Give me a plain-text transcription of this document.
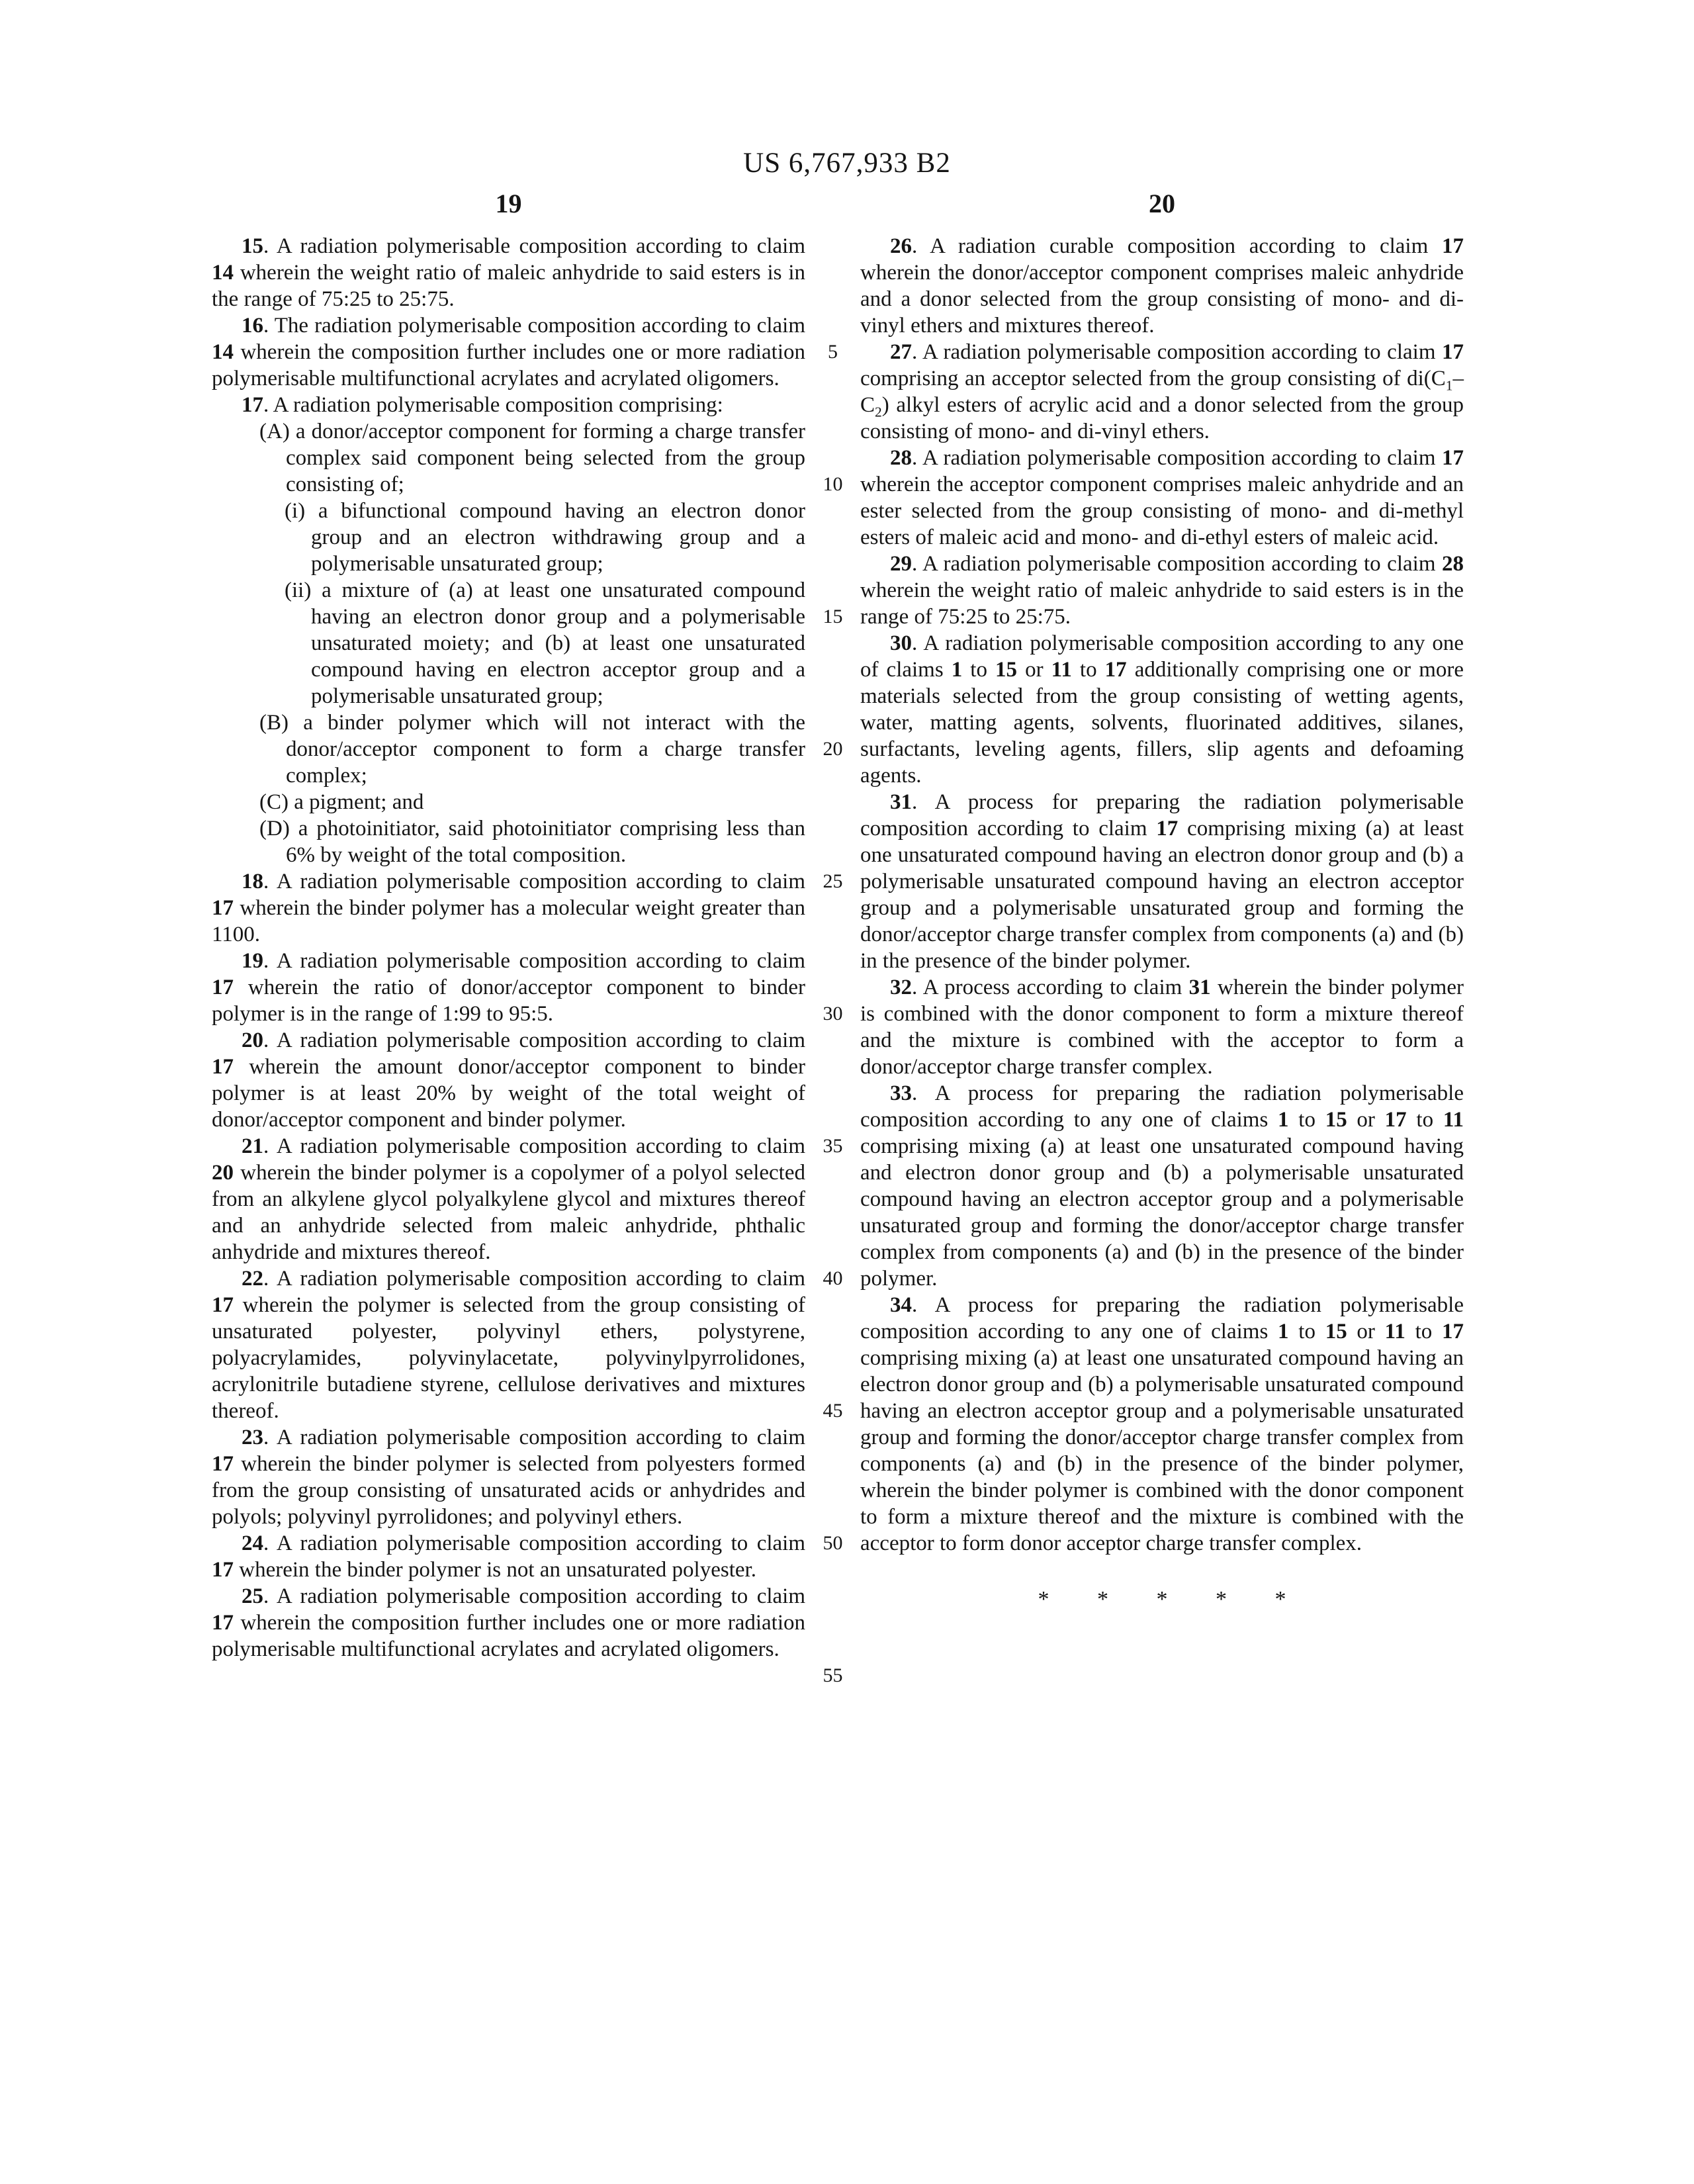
US 6,767,933 B2
19	20
5
10
15
20
25
30
35
40
45
50
55
15. A radiation polymerisable composition according to claim 14 wherein the weight ratio of maleic anhydride to said esters is in the range of 75:25 to 25:75.
16. The radiation polymerisable composition according to claim 14 wherein the composition further includes one or more radiation polymerisable multifunctional acrylates and acrylated oligomers.
17. A radiation polymerisable composition comprising:
(A) a donor/acceptor component for forming a charge transfer complex said component being selected from the group consisting of;
(i) a bifunctional compound having an electron donor group and an electron withdrawing group and a polymerisable unsaturated group;
(ii) a mixture of (a) at least one unsaturated compound having an electron donor group and a polymerisable unsaturated moiety; and (b) at least one unsaturated compound having en electron acceptor group and a polymerisable unsaturated group;
(B) a binder polymer which will not interact with the donor/acceptor component to form a charge transfer complex;
(C) a pigment; and
(D) a photoinitiator, said photoinitiator comprising less than 6% by weight of the total composition.
18. A radiation polymerisable composition according to claim 17 wherein the binder polymer has a molecular weight greater than 1100.
19. A radiation polymerisable composition according to claim 17 wherein the ratio of donor/acceptor component to binder polymer is in the range of 1:99 to 95:5.
20. A radiation polymerisable composition according to claim 17 wherein the amount donor/acceptor component to binder polymer is at least 20% by weight of the total weight of donor/acceptor component and binder polymer.
21. A radiation polymerisable composition according to claim 20 wherein the binder polymer is a copolymer of a polyol selected from an alkylene glycol polyalkylene glycol and mixtures thereof and an anhydride selected from maleic anhydride, phthalic anhydride and mixtures thereof.
22. A radiation polymerisable composition according to claim 17 wherein the polymer is selected from the group consisting of unsaturated polyester, polyvinyl ethers, polystyrene, polyacrylamides, polyvinylacetate, polyvinylpyrrolidones, acrylonitrile butadiene styrene, cellulose derivatives and mixtures thereof.
23. A radiation polymerisable composition according to claim 17 wherein the binder polymer is selected from polyesters formed from the group consisting of unsaturated acids or anhydrides and polyols; polyvinyl pyrrolidones; and polyvinyl ethers.
24. A radiation polymerisable composition according to claim 17 wherein the binder polymer is not an unsaturated polyester.
25. A radiation polymerisable composition according to claim 17 wherein the composition further includes one or more radiation polymerisable multifunctional acrylates and acrylated oligomers.
26. A radiation curable composition according to claim 17 wherein the donor/acceptor component comprises maleic anhydride and a donor selected from the group consisting of mono- and di-vinyl ethers and mixtures thereof.
27. A radiation polymerisable composition according to claim 17 comprising an acceptor selected from the group consisting of $di(C_1-C_2)$ alkyl esters of acrylic acid and a donor selected from the group consisting of mono- and di-vinyl ethers.
28. A radiation polymerisable composition according to claim 17 wherein the acceptor component comprises maleic anhydride and an ester selected from the group consisting of mono- and di-methyl esters of maleic acid and mono- and di-ethyl esters of maleic acid.
29. A radiation polymerisable composition according to claim 28 wherein the weight ratio of maleic anhydride to said esters is in the range of 75:25 to 25:75.
30. A radiation polymerisable composition according to any one of claims 1 to 15 or 11 to 17 additionally comprising one or more materials selected from the group consisting of wetting agents, water, matting agents, solvents, fluorinated additives, silanes, surfactants, leveling agents, fillers, slip agents and defoaming agents.
31. A process for preparing the radiation polymerisable composition according to claim 17 comprising mixing (a) at least one unsaturated compound having an electron donor group and (b) a polymerisable unsaturated compound having an electron acceptor group and a polymerisable unsaturated group and forming the donor/acceptor charge transfer complex from components (a) and (b) in the presence of the binder polymer.
32. A process according to claim 31 wherein the binder polymer is combined with the donor component to form a mixture thereof and the mixture is combined with the acceptor to form a donor/acceptor charge transfer complex.
33. A process for preparing the radiation polymerisable composition according to any one of claims 1 to 15 or 17 to 11 comprising mixing (a) at least one unsaturated compound having and electron donor group and (b) a polymerisable unsaturated compound having an electron acceptor group and a polymerisable unsaturated group and forming the donor/acceptor charge transfer complex from components (a) and (b) in the presence of the binder polymer.
34. A process for preparing the radiation polymerisable composition according to any one of claims 1 to 15 or 11 to 17 comprising mixing (a) at least one unsaturated compound having an electron donor group and (b) a polymerisable unsaturated compound having an electron acceptor group and a polymerisable unsaturated group and forming the donor/acceptor charge transfer complex from components (a) and (b) in the presence of the binder polymer, wherein the binder polymer is combined with the donor component to form a mixture thereof and the mixture is combined with the acceptor to form donor acceptor charge transfer complex.
* * * * *
